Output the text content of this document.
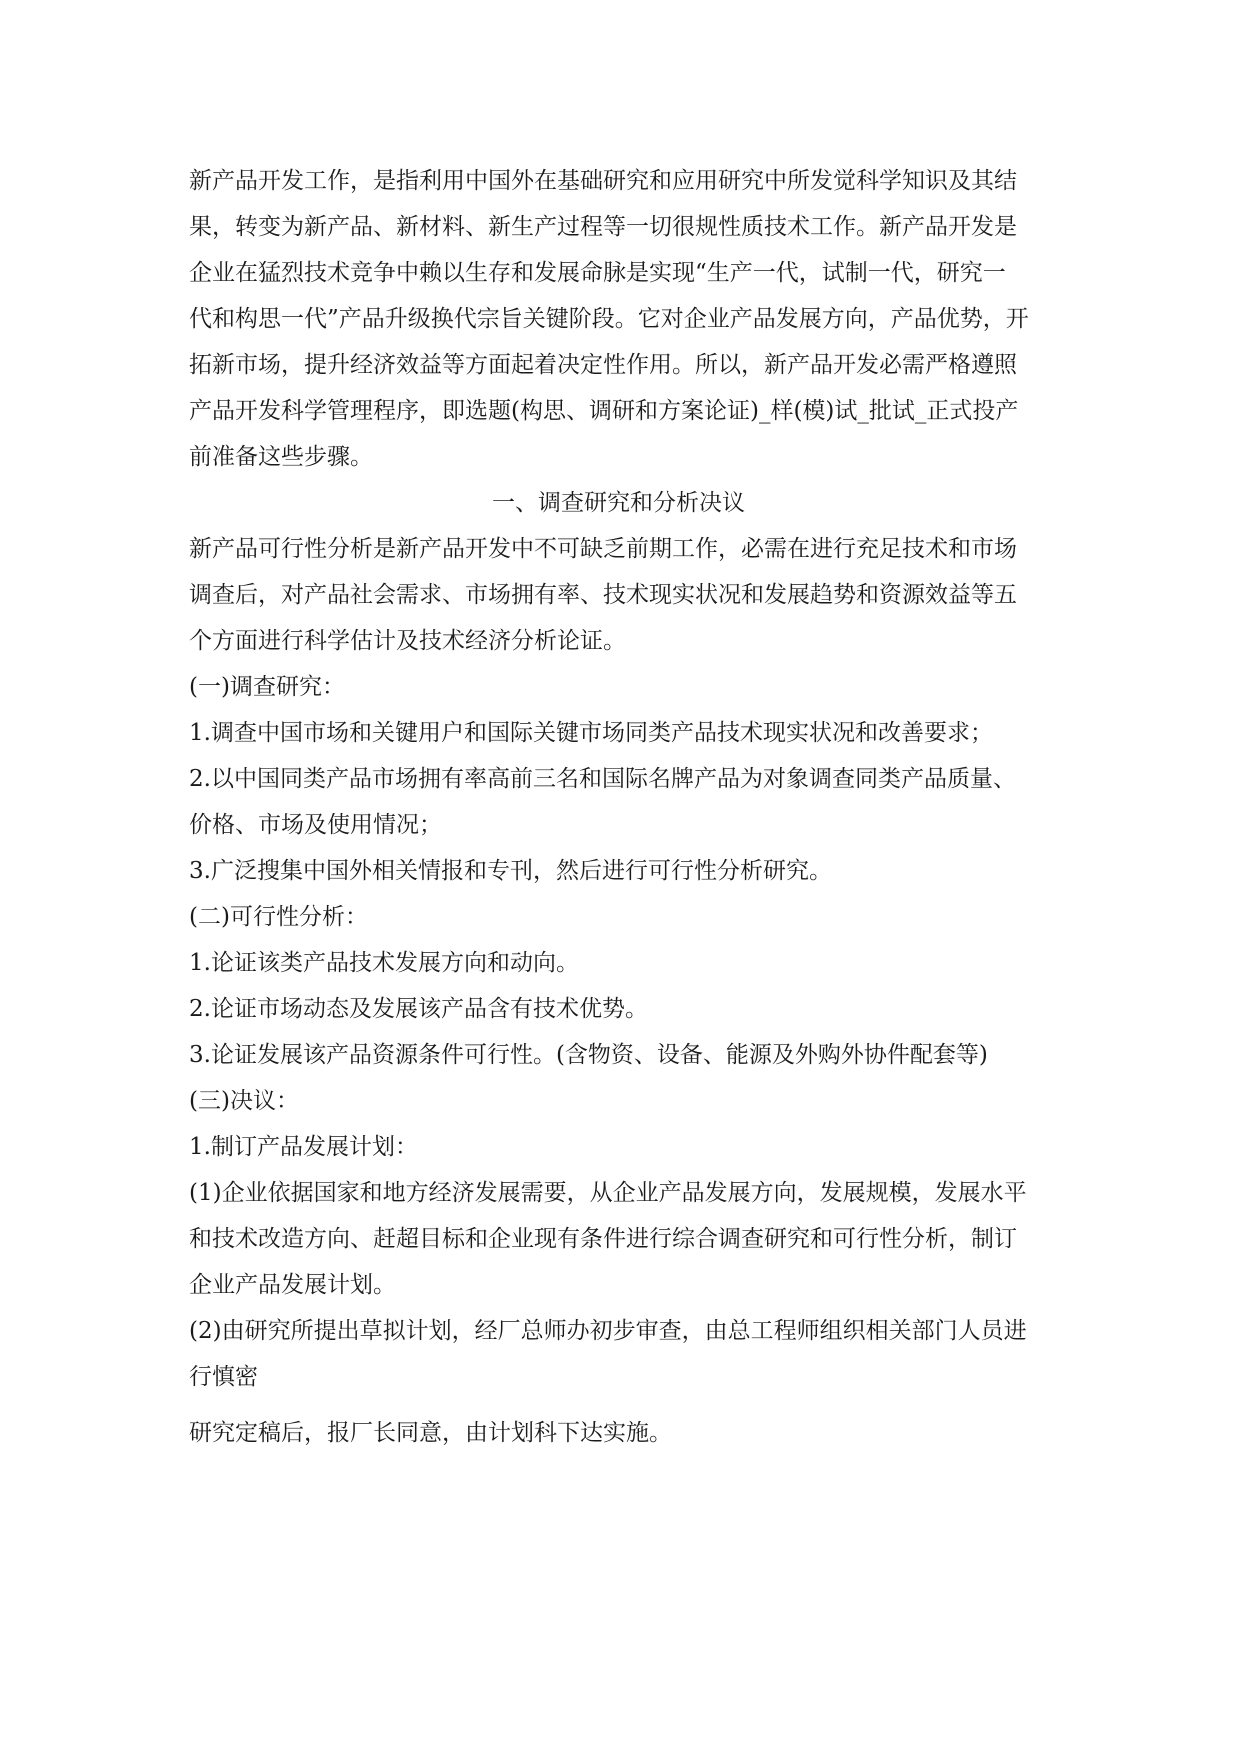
新产品开发工作，是指利用中国外在基础研究和应用研究中所发觉科学知识及其结
果，转变为新产品、新材料、新生产过程等一切很规性质技术工作。新产品开发是
企业在猛烈技术竞争中赖以生存和发展命脉是实现“生产一代，试制一代，研究一
代和构思一代”产品升级换代宗旨关键阶段。它对企业产品发展方向，产品优势，开
拓新市场，提升经济效益等方面起着决定性作用。所以，新产品开发必需严格遵照
产品开发科学管理程序，即选题(构思、调研和方案论证)_样(模)试_批试_正式投产
前准备这些步骤。
一、调查研究和分析决议
新产品可行性分析是新产品开发中不可缺乏前期工作，必需在进行充足技术和市场
调查后，对产品社会需求、市场拥有率、技术现实状况和发展趋势和资源效益等五
个方面进行科学估计及技术经济分析论证。
(一)调查研究：
1.调查中国市场和关键用户和国际关键市场同类产品技术现实状况和改善要求；
2.以中国同类产品市场拥有率高前三名和国际名牌产品为对象调查同类产品质量、
价格、市场及使用情况；
3.广泛搜集中国外相关情报和专刊，然后进行可行性分析研究。
(二)可行性分析：
1.论证该类产品技术发展方向和动向。
2.论证市场动态及发展该产品含有技术优势。
3.论证发展该产品资源条件可行性。(含物资、设备、能源及外购外协件配套等)
(三)决议：
1.制订产品发展计划：
(1)企业依据国家和地方经济发展需要，从企业产品发展方向，发展规模，发展水平
和技术改造方向、赶超目标和企业现有条件进行综合调查研究和可行性分析，制订
企业产品发展计划。
(2)由研究所提出草拟计划，经厂总师办初步审查，由总工程师组织相关部门人员进
行慎密
研究定稿后，报厂长同意，由计划科下达实施。
